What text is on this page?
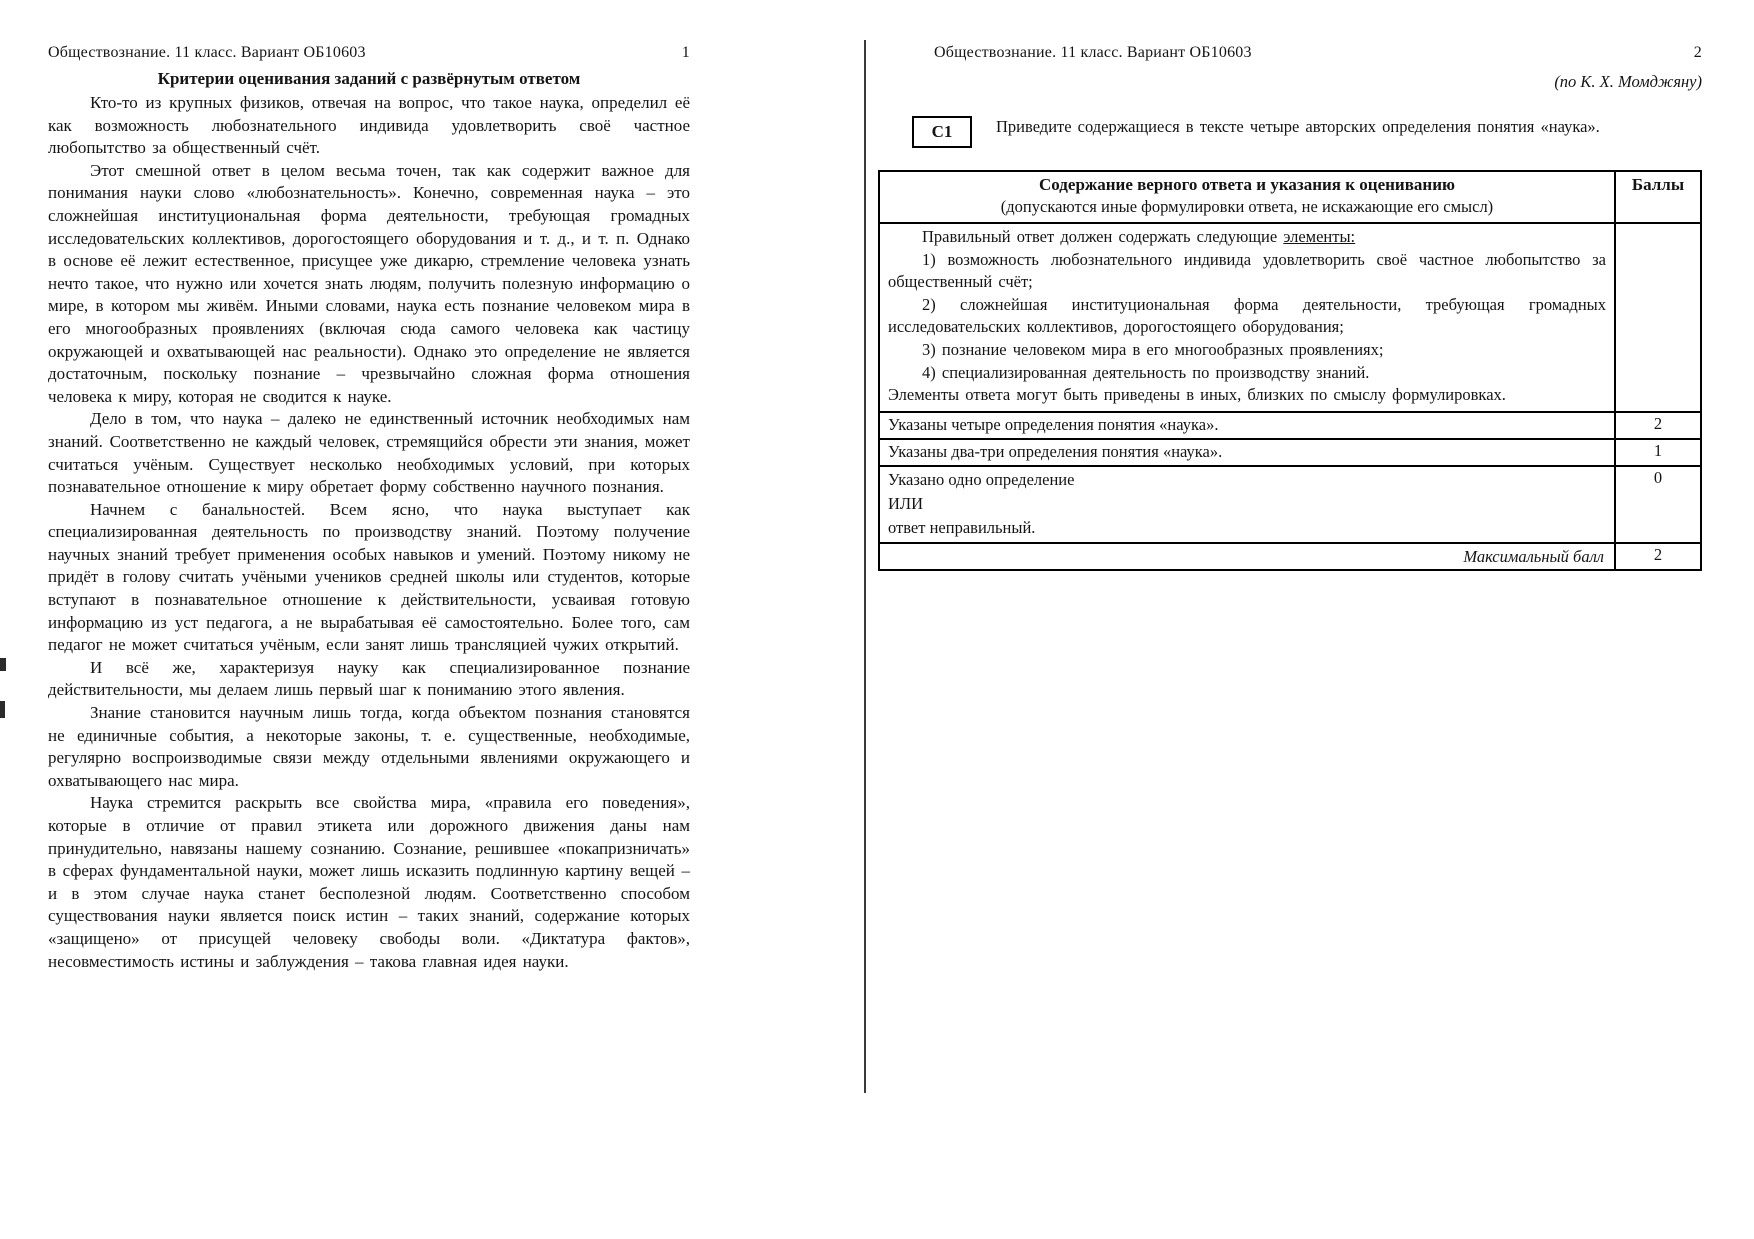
Обществознание. 11 класс. Вариант ОБ10603	1
Критерии оценивания заданий с развёрнутым ответом

Кто-то из крупных физиков, отвечая на вопрос, что такое наука, определил её как возможность любознательного индивида удовлетворить своё частное любопытство за общественный счёт.

Этот смешной ответ в целом весьма точен, так как содержит важное для понимания науки слово «любознательность». Конечно, современная наука – это сложнейшая институциональная форма деятельности, требующая громадных исследовательских коллективов, дорогостоящего оборудования и т. д., и т. п. Однако в основе её лежит естественное, присущее уже дикарю, стремление человека узнать нечто такое, что нужно или хочется знать людям, получить полезную информацию о мире, в котором мы живём. Иными словами, наука есть познание человеком мира в его многообразных проявлениях (включая сюда самого человека как частицу окружающей и охватывающей нас реальности). Однако это определение не является достаточным, поскольку познание – чрезвычайно сложная форма отношения человека к миру, которая не сводится к науке.

Дело в том, что наука – далеко не единственный источник необходимых нам знаний. Соответственно не каждый человек, стремящийся обрести эти знания, может считаться учёным. Существует несколько необходимых условий, при которых познавательное отношение к миру обретает форму собственно научного познания.

Начнем с банальностей. Всем ясно, что наука выступает как специализированная деятельность по производству знаний. Поэтому получение научных знаний требует применения особых навыков и умений. Поэтому никому не придёт в голову считать учёными учеников средней школы или студентов, которые вступают в познавательное отношение к действительности, усваивая готовую информацию из уст педагога, а не вырабатывая её самостоятельно. Более того, сам педагог не может считаться учёным, если занят лишь трансляцией чужих открытий.

И всё же, характеризуя науку как специализированное познание действительности, мы делаем лишь первый шаг к пониманию этого явления.

Знание становится научным лишь тогда, когда объектом познания становятся не единичные события, а некоторые законы, т. е. существенные, необходимые, регулярно воспроизводимые связи между отдельными явлениями окружающего и охватывающего нас мира.

Наука стремится раскрыть все свойства мира, «правила его поведения», которые в отличие от правил этикета или дорожного движения даны нам принудительно, навязаны нашему сознанию. Сознание, решившее «покапризничать» в сферах фундаментальной науки, может лишь исказить подлинную картину вещей – и в этом случае наука станет бесполезной людям. Соответственно способом существования науки является поиск истин – таких знаний, содержание которых «защищено» от присущей человеку свободы воли. «Диктатура фактов», несовместимость истины и заблуждения – такова главная идея науки.

Обществознание. 11 класс. Вариант ОБ10603	2
(по К. Х. Момджяну)
C1	Приведите содержащиеся в тексте четыре авторских определения понятия «наука».
Содержание верного ответа и указания к оцениванию
(допускаются иные формулировки ответа, не искажающие его смысл)	Баллы

Правильный ответ должен содержать следующие элементы:

1) возможность любознательного индивида удовлетворить своё частное любопытство за общественный счёт;

2) сложнейшая институциональная форма деятельности, требующая громадных исследовательских коллективов, дорогостоящего оборудования;

3) познание человеком мира в его многообразных проявлениях;

4) специализированная деятельность по производству знаний.

Элементы ответа могут быть приведены в иных, близких по смыслу формулировках.

Указаны четыре определения понятия «наука».	2
Указаны два-три определения понятия «наука».	1

Указано одно определение
ИЛИ
ответ неправильный.	0
Максимальный балл	2
